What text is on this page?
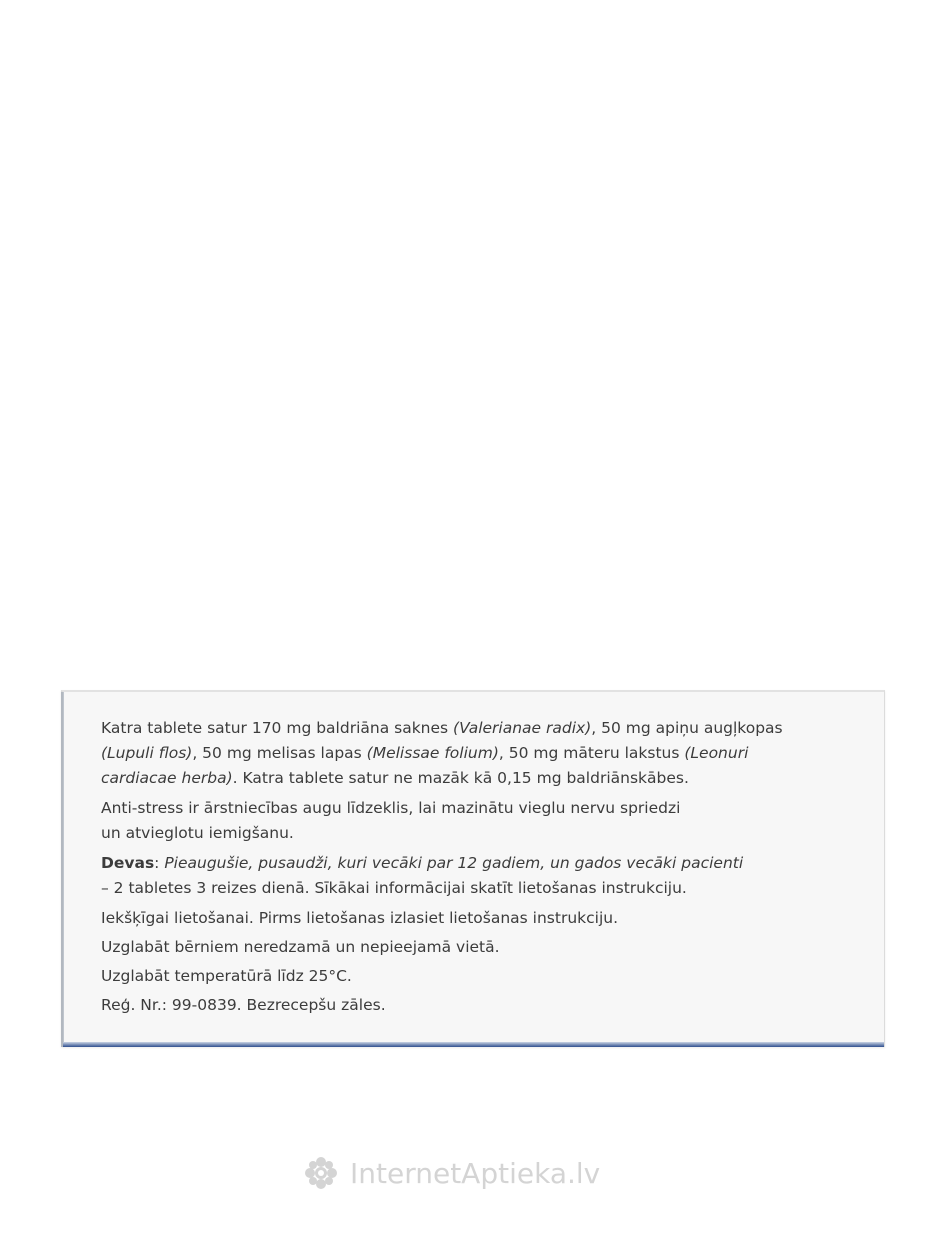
Katra tablete satur 170 mg baldriāna saknes (Valerianae radix), 50 mg apiņu augļkopas
(Lupuli flos), 50 mg melisas lapas (Melissae folium), 50 mg māteru lakstus (Leonuri
cardiacae herba). Katra tablete satur ne mazāk kā 0,15 mg baldriānskābes.

Anti-stress ir ārstniecības augu līdzeklis, lai mazinātu vieglu nervu spriedzi
un atvieglotu iemigšanu.

Devas: Pieaugušie, pusaudži, kuri vecāki par 12 gadiem, un gados vecāki pacienti
– 2 tabletes 3 reizes dienā. Sīkākai informācijai skatīt lietošanas instrukciju.

Iekšķīgai lietošanai. Pirms lietošanas izlasiet lietošanas instrukciju.

Uzglabāt bērniem neredzamā un nepieejamā vietā.

Uzglabāt temperatūrā līdz 25°C.

Reģ. Nr.: 99-0839. Bezrecepšu zāles.

InternetAptieka.lv
